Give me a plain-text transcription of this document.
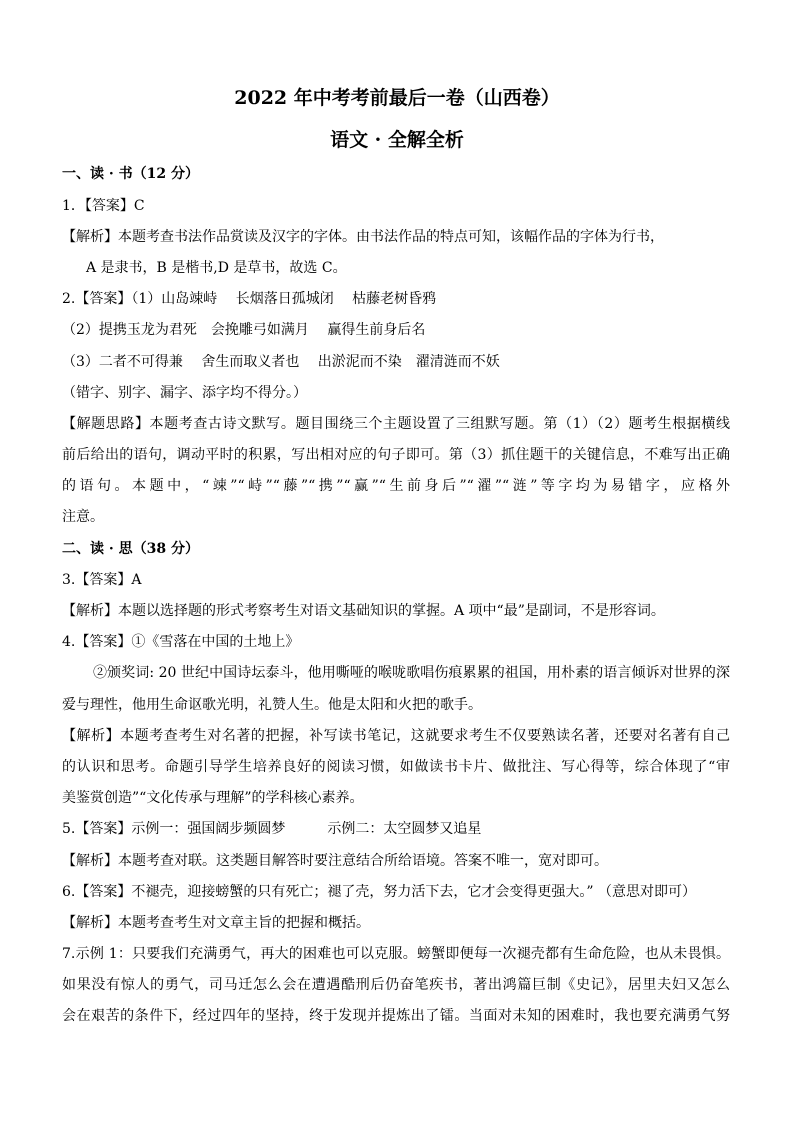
2022 年中考考前最后一卷（山西卷）
语文 · 全解全析
一、读 · 书（12 分）
1．【答案】C
【解析】本题考查书法作品赏读及汉字的字体。由书法作品的特点可知，该幅作品的字体为行书，
A 是隶书，B 是楷书,D 是草书，故选 C。
2.【答案】（1）山岛竦峙　 长烟落日孤城闭　 枯藤老树昏鸦
（2）提携玉龙为君死　会挽雕弓如满月　 赢得生前身后名
（3）二者不可得兼　 舍生而取义者也　 出淤泥而不染　濯清涟而不妖
（错字、别字、漏字、添字均不得分。）
【解题思路】本题考查古诗文默写。题目围绕三个主题设置了三组默写题。第（1）（2）题考生根据横线
前后给出的语句，调动平时的积累，写出相对应的句子即可。第（3）抓住题干的关键信息，不难写出正确
的语句。本题中，“竦”“峙”“藤”“携”“赢”“生前身后”“濯”“涟”等字均为易错字，应格外
注意。
二、读 · 思（38 分）
3.【答案】A
【解析】本题以选择题的形式考察考生对语文基础知识的掌握。A 项中“最”是副词，不是形容词。
4.【答案】①《雪落在中国的土地上》
②颁奖词: 20 世纪中国诗坛泰斗，他用嘶哑的喉咙歌唱伤痕累累的祖国，用朴素的语言倾诉对世界的深
爱与理性，他用生命讴歌光明，礼赞人生。他是太阳和火把的歌手。
【解析】本题考查考生对名著的把握，补写读书笔记，这就要求考生不仅要熟读名著，还要对名著有自己
的认识和思考。命题引导学生培养良好的阅读习惯，如做读书卡片、做批注、写心得等，综合体现了“审
美鉴赏创造”“文化传承与理解”的学科核心素养。
5.【答案】示例一：强国阔步频圆梦　　　示例二：太空圆梦又追星
【解析】本题考查对联。这类题目解答时要注意结合所给语境。答案不唯一，宽对即可。
6.【答案】不褪壳，迎接螃蟹的只有死亡；褪了壳，努力活下去，它才会变得更强大。” （意思对即可）
【解析】本题考查考生对文章主旨的把握和概括。
7.示例 1：只要我们充满勇气，再大的困难也可以克服。螃蟹即便每一次褪壳都有生命危险，也从未畏惧。
如果没有惊人的勇气，司马迁怎么会在遭遇酷刑后仍奋笔疾书，著出鸿篇巨制《史记》，居里夫妇又怎么
会在艰苦的条件下，经过四年的坚持，终于发现并提炼出了镭。当面对未知的困难时，我也要充满勇气努
